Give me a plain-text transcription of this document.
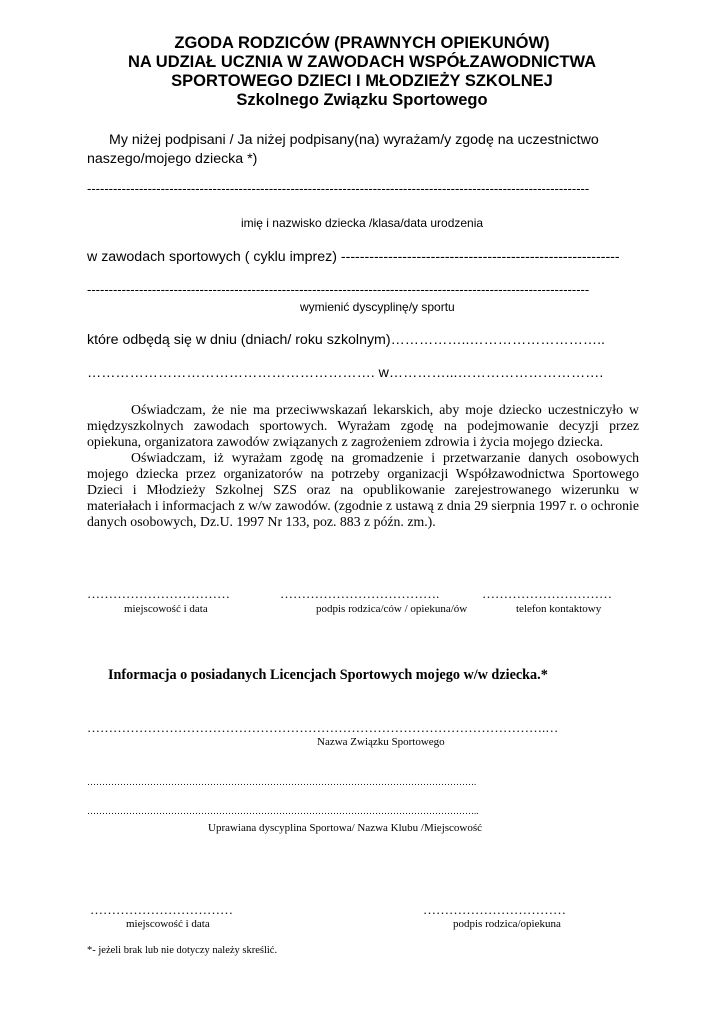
ZGODA RODZICÓW (PRAWNYCH OPIEKUNÓW)
NA UDZIAŁ UCZNIA W ZAWODACH WSPÓŁZAWODNICTWA
SPORTOWEGO DZIECI I MŁODZIEŻY SZKOLNEJ
Szkolnego Związku Sportowego
My niżej podpisani / Ja niżej podpisany(na) wyrażam/y zgodę na uczestnictwo
naszego/mojego dziecka *)
--------------------------------------------------------------------------------------------------------------------
imię i nazwisko dziecka /klasa/data urodzenia
w zawodach sportowych ( cyklu imprez) -----------------------------------------------------------
--------------------------------------------------------------------------------------------------------------------
wymienić dyscyplinę/y sportu
które odbędą się w dniu (dniach/ roku szkolnym)……………..………………………..
……………………………………………………. w…………...………………………….
Oświadczam, że nie ma przeciwwskazań lekarskich, aby moje dziecko uczestniczyło w międzyszkolnych zawodach sportowych. Wyrażam zgodę na podejmowanie decyzji przez opiekuna, organizatora zawodów związanych z zagrożeniem zdrowia i życia mojego dziecka.
Oświadczam, iż wyrażam zgodę na gromadzenie i przetwarzanie danych osobowych mojego dziecka przez organizatorów na potrzeby organizacji Współzawodnictwa Sportowego Dzieci i Młodzieży Szkolnej SZS oraz na opublikowanie zarejestrowanego wizerunku w materiałach i informacjach z w/w zawodów. (zgodnie z ustawą z dnia 29 sierpnia 1997 r. o ochronie danych osobowych, Dz.U. 1997 Nr 133, poz. 883 z późn. zm.).
……………………………	……………………………….	…………………………
miejscowość i data	podpis rodzica/ców / opiekuna/ów	telefon kontaktowy
Informacja o posiadanych Licencjach Sportowych mojego w/w dziecka.*
…………………………………………………………………………………………….…
Nazwa Związku Sportowego
………………………………………………………………………………………………………………….
…………………………………………………………………………………………………………………..
Uprawiana dyscyplina Sportowa/ Nazwa Klubu /Miejscowość
……………………………	……………………………
miejscowość i data	podpis rodzica/opiekuna
*- jeżeli brak lub nie dotyczy należy skreślić.
